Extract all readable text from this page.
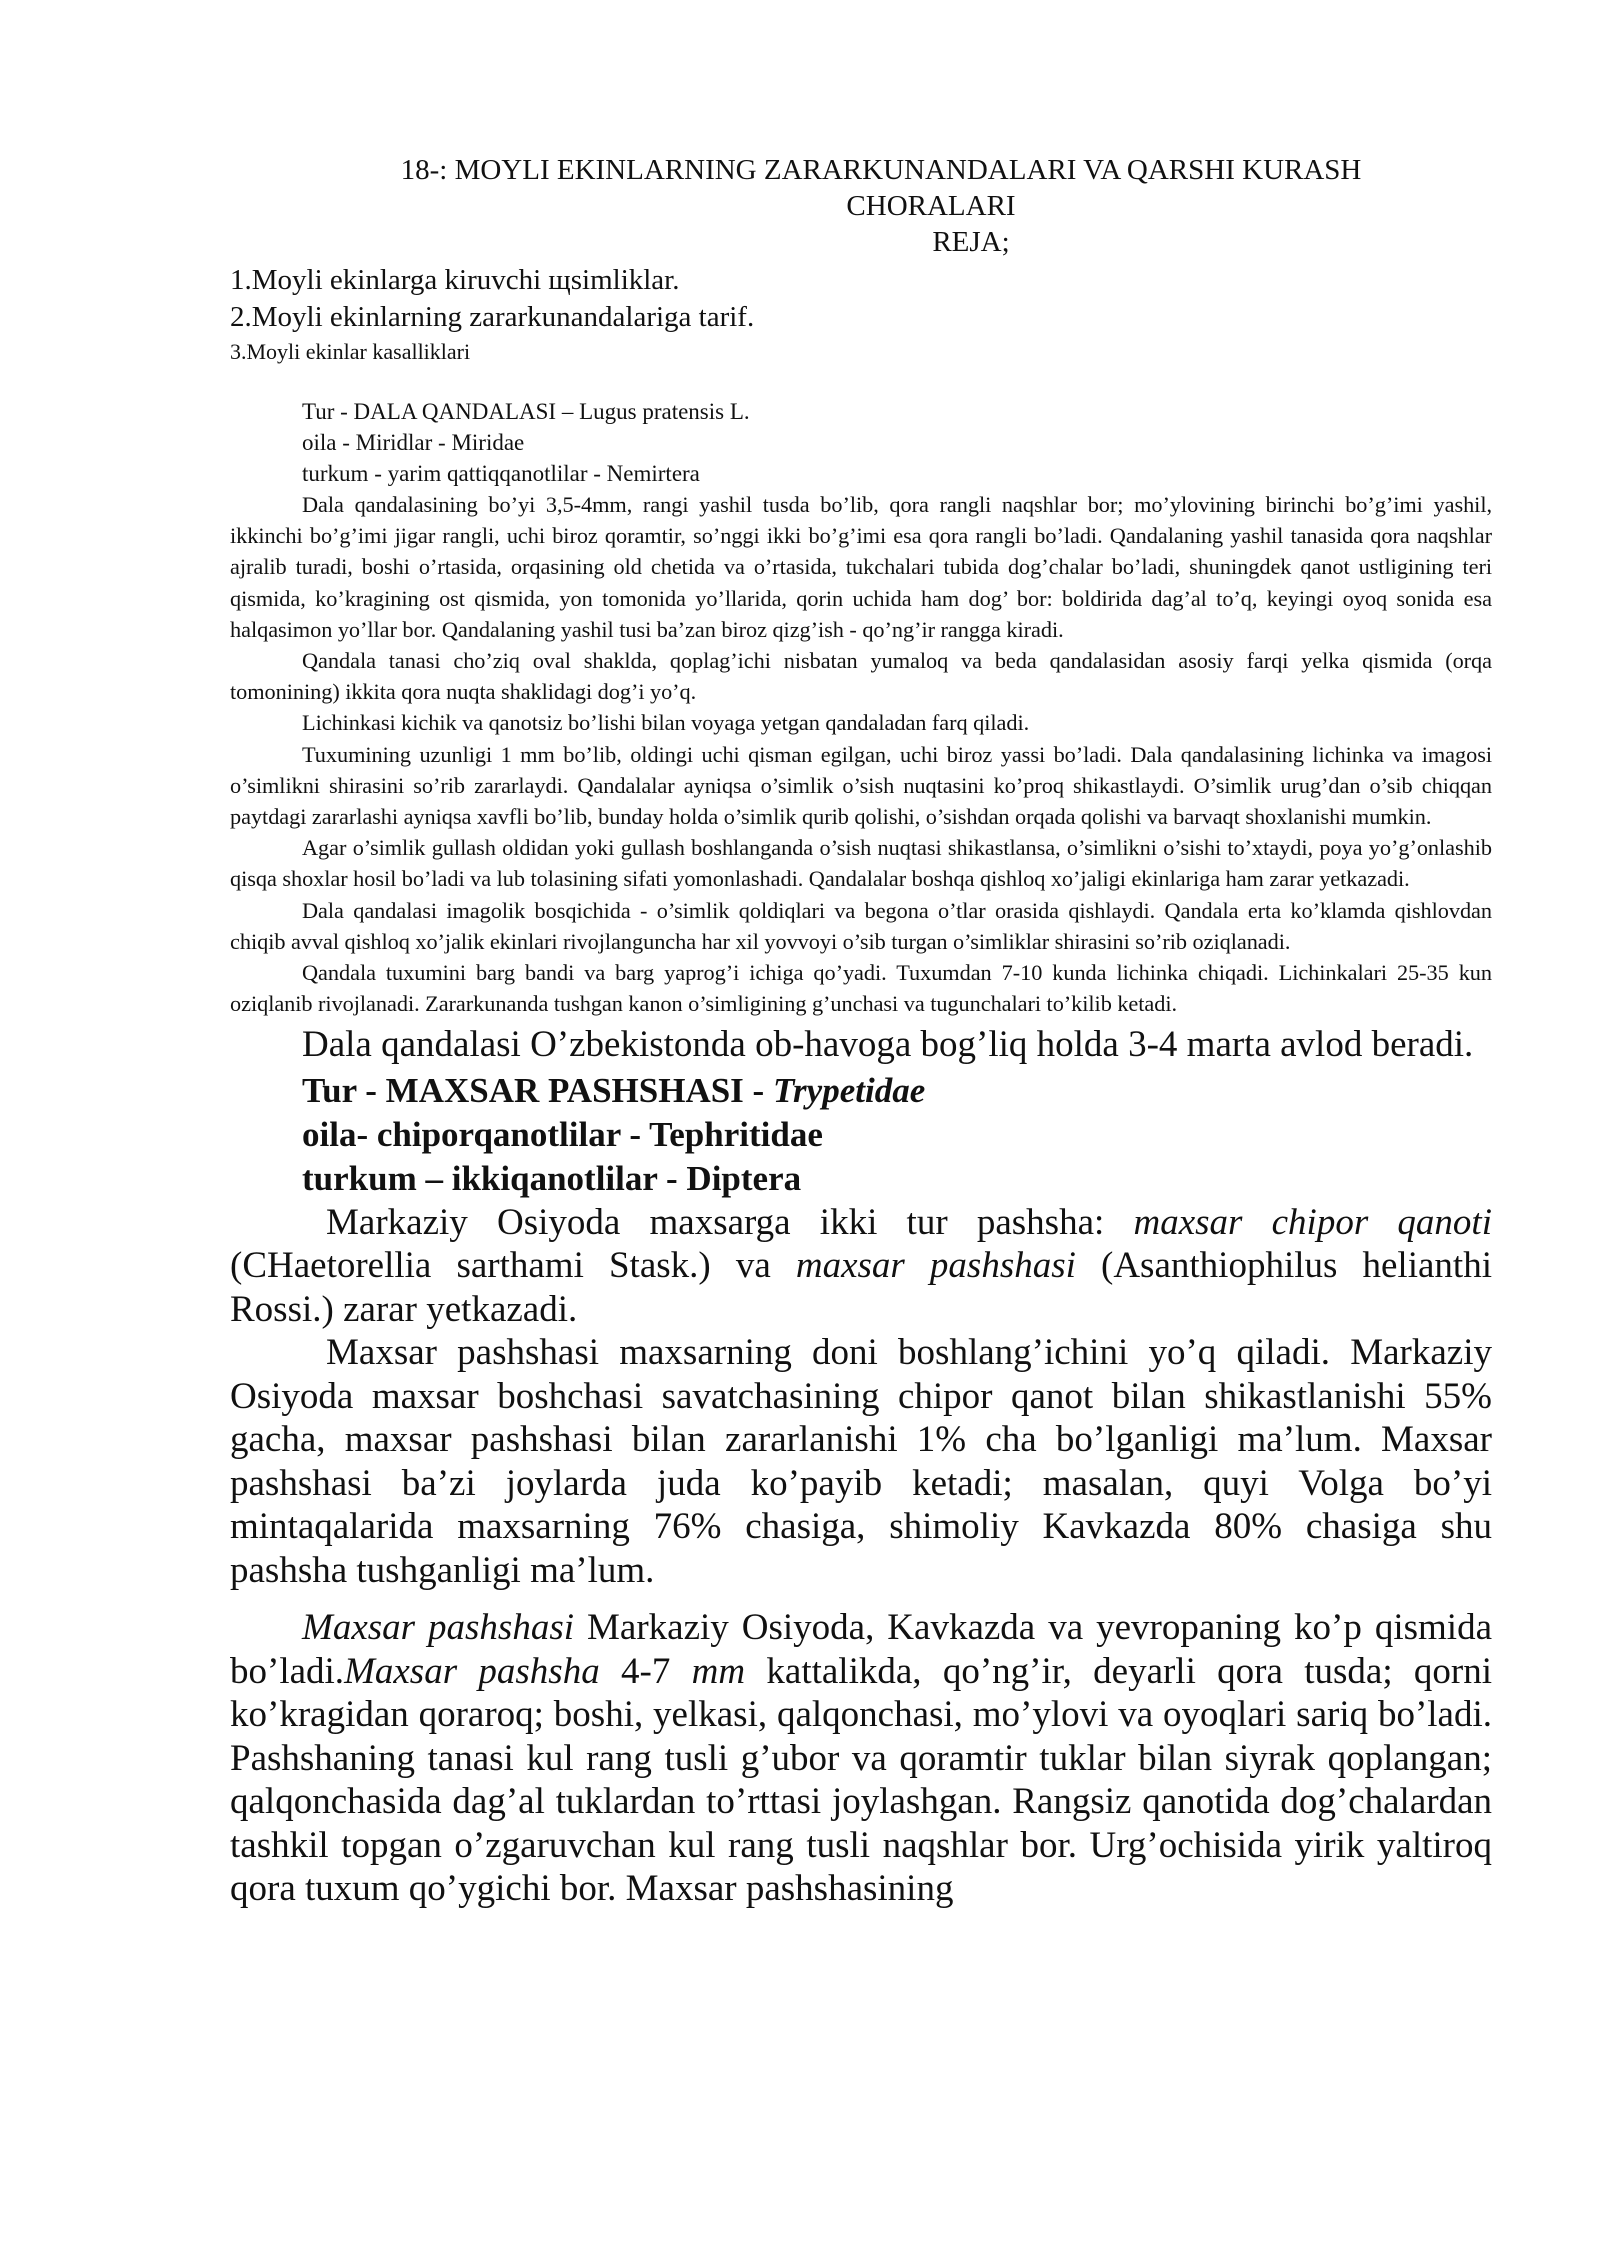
18-: MOYLI EKINLARNING ZARARKUNANDALARI VA QARSHI KURASH
CHORALARI
REJA;
1.Moyli ekinlarga kiruvchi щsimliklar.
2.Moyli ekinlarning zararkunandalariga tarif.
3.Moyli ekinlar kasalliklari
Tur - DALA QANDALASI – Lugus pratensis L.
oila - Miridlar - Miridae
turkum - yarim qattiqqanotlilar - Nemirtera

Dala qandalasining bo’yi 3,5-4mm, rangi yashil tusda bo’lib, qora rangli naqshlar bor; mo’ylovining birinchi bo’g’imi yashil, ikkinchi bo’g’imi jigar rangli, uchi biroz qoramtir, so’nggi ikki bo’g’imi esa qora rangli bo’ladi. Qandalaning yashil tanasida qora naqshlar ajralib turadi, boshi o’rtasida, orqasining old chetida va o’rtasida, tukchalari tubida dog’chalar bo’ladi, shuningdek qanot ustligining teri qismida, ko’kragining ost qismida, yon tomonida yo’llarida, qorin uchida ham dog’ bor: boldirida dag’al to’q, keyingi oyoq sonida esa halqasimon yo’llar bor. Qandalaning yashil tusi ba’zan biroz qizg’ish - qo’ng’ir rangga kiradi.

Qandala tanasi cho’ziq oval shaklda, qoplag’ichi nisbatan yumaloq va beda qandalasidan asosiy farqi yelka qismida (orqa tomonining) ikkita qora nuqta shaklidagi dog’i yo’q.

Lichinkasi kichik va qanotsiz bo’lishi bilan voyaga yetgan qandaladan farq qiladi.

Tuxumining uzunligi 1 mm bo’lib, oldingi uchi qisman egilgan, uchi biroz yassi bo’ladi. Dala qandalasining lichinka va imagosi o’simlikni shirasini so’rib zararlaydi. Qandalalar ayniqsa o’simlik o’sish nuqtasini ko’proq shikastlaydi. O’simlik urug’dan o’sib chiqqan paytdagi zararlashi ayniqsa xavfli bo’lib, bunday holda o’simlik qurib qolishi, o’sishdan orqada qolishi va barvaqt shoxlanishi mumkin.

Agar o’simlik gullash oldidan yoki gullash boshlanganda o’sish nuqtasi shikastlansa, o’simlikni o’sishi to’xtaydi, poya yo’g’onlashib qisqa shoxlar hosil bo’ladi va lub tolasining sifati yomonlashadi. Qandalalar boshqa qishloq xo’jaligi ekinlariga ham zarar yetkazadi.

Dala qandalasi imagolik bosqichida - o’simlik qoldiqlari va begona o’tlar orasida qishlaydi. Qandala erta ko’klamda qishlovdan chiqib avval qishloq xo’jalik ekinlari rivojlanguncha har xil yovvoyi o’sib turgan o’simliklar shirasini so’rib oziqlanadi.

Qandala tuxumini barg bandi va barg yaprog’i ichiga qo’yadi. Tuxumdan 7-10 kunda lichinka chiqadi. Lichinkalari 25-35 kun oziqlanib rivojlanadi. Zararkunanda tushgan kanon o’simligining g’unchasi va tugunchalari to’kilib ketadi.

Dala qandalasi O’zbekistonda ob-havoga bog’liq holda 3-4 marta avlod beradi.

Tur - MAXSAR PASHSHASI - Trypetidae
oila- chiporqanotlilar - Tephritidae
turkum – ikkiqanotlilar - Diptera

Markaziy Osiyoda maxsarga ikki tur pashsha: maxsar chipor qanoti (CHaetorellia sarthami Stask.) va maxsar pashshasi (Asanthiophilus helianthi Rossi.) zarar yetkazadi.

Maxsar pashshasi maxsarning doni boshlang’ichini yo’q qiladi. Markaziy Osiyoda maxsar boshchasi savatchasining chipor qanot bilan shikastlanishi 55% gacha, maxsar pashshasi bilan zararlanishi 1% cha bo’lganligi ma’lum. Maxsar pashshasi ba’zi joylarda juda ko’payib ketadi; masalan, quyi Volga bo’yi mintaqalarida maxsarning 76% chasiga, shimoliy Kavkazda 80% chasiga shu pashsha tushganligi ma’lum.

Maxsar pashshasi Markaziy Osiyoda, Kavkazda va yevropaning ko’p qismida bo’ladi.Maxsar pashsha 4-7 mm kattalikda, qo’ng’ir, deyarli qora tusda; qorni ko’kragidan qoraroq; boshi, yelkasi, qalqonchasi, mo’ylovi va oyoqlari sariq bo’ladi. Pashshaning tanasi kul rang tusli g’ubor va qoramtir tuklar bilan siyrak qoplangan; qalqonchasida dag’al tuklardan to’rttasi joylashgan. Rangsiz qanotida dog’chalardan tashkil topgan o’zgaruvchan kul rang tusli naqshlar bor. Urg’ochisida yirik yaltiroq qora tuxum qo’ygichi bor. Maxsar pashshasining
